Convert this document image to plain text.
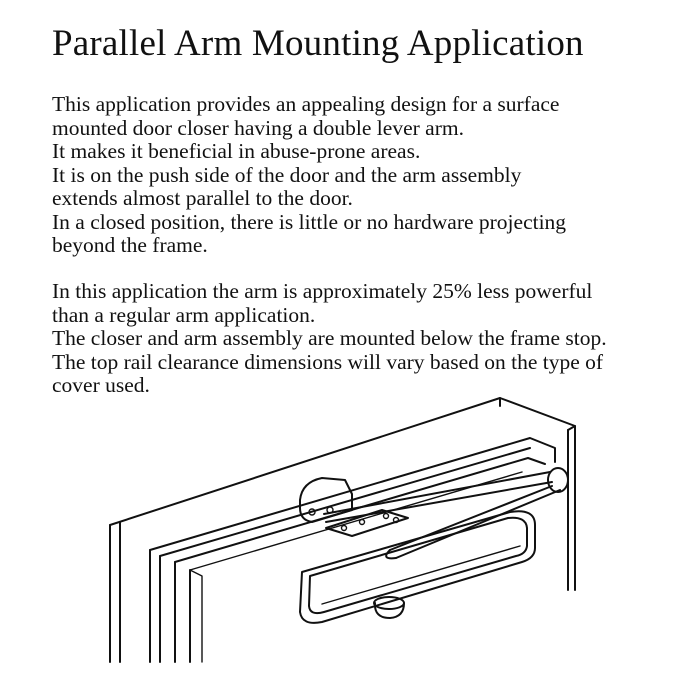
Parallel Arm Mounting Application
This application provides an appealing design for a surface
mounted door closer having a double lever arm.
It makes it beneficial in abuse-prone areas.
It is on the push side of the door and the arm assembly
extends almost parallel to the door.
In a closed position, there is little or no hardware projecting
beyond the frame.
In this application the arm is approximately 25% less powerful
than a regular arm application.
The closer and arm assembly are mounted below the frame stop.
The top rail clearance dimensions will vary based on the type of
cover used.
